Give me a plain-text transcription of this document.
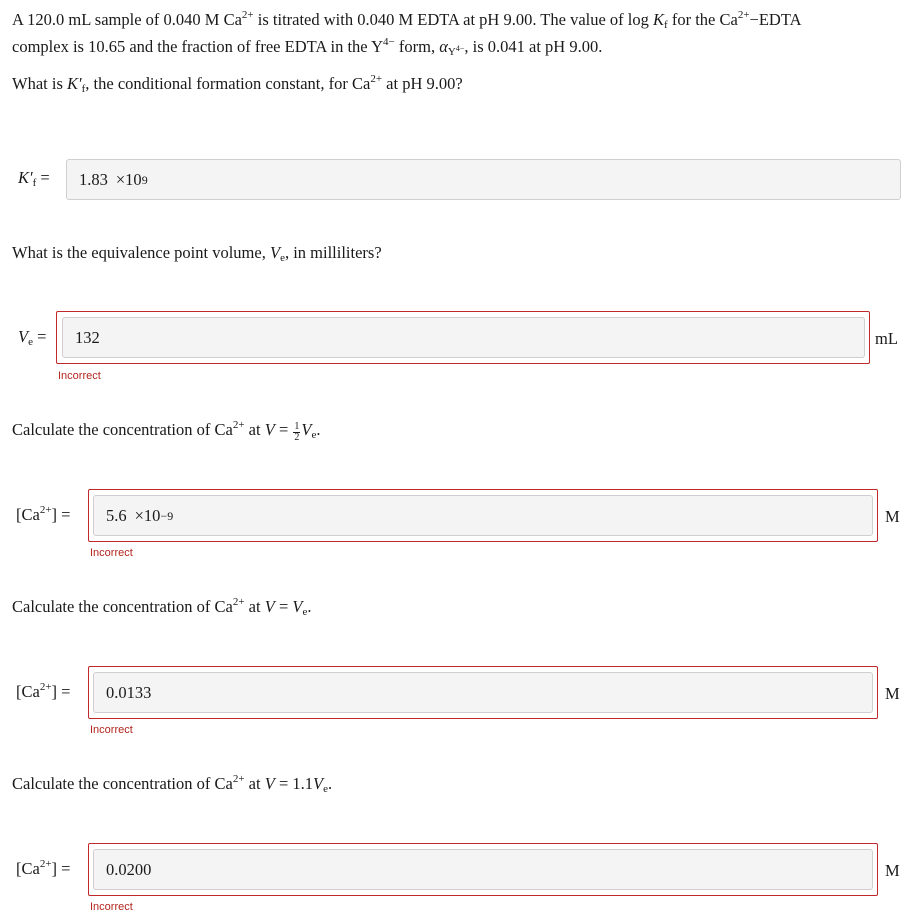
A 120.0 mL sample of 0.040 M $Ca^{2+}$ is titrated with 0.040 M EDTA at pH 9.00. The value of $\log K_f$ for the $Ca^{2+}-EDTA$
complex is 10.65 and the fraction of free EDTA in the $Y^{4-}$ form, $\alpha_{Y^{4-}}$, is 0.041 at pH 9.00.
What is $K'_f$, the conditional formation constant, for $Ca^{2+}$ at pH 9.00?
$K'_f = 1.83 \times 10$ 9
What is the equivalence point volume, $V_e$, in milliliters?
$V_e = 132$	mL
Incorrect
Calculate the concentration of $Ca^{2+}$ at $V = \frac{1}{2} V_e$.
$[Ca^{2+}] = 5.6 \times 10 -9$	M
Incorrect
Calculate the concentration of $Ca^{2+}$ at $V = V_e$.
$[Ca^{2+}] = 0.0133$	M
Incorrect
Calculate the concentration of $Ca^{2+}$ at $V = 1.1V_e$.
$[Ca^{2+}] = 0.0200$	M
Incorrect
